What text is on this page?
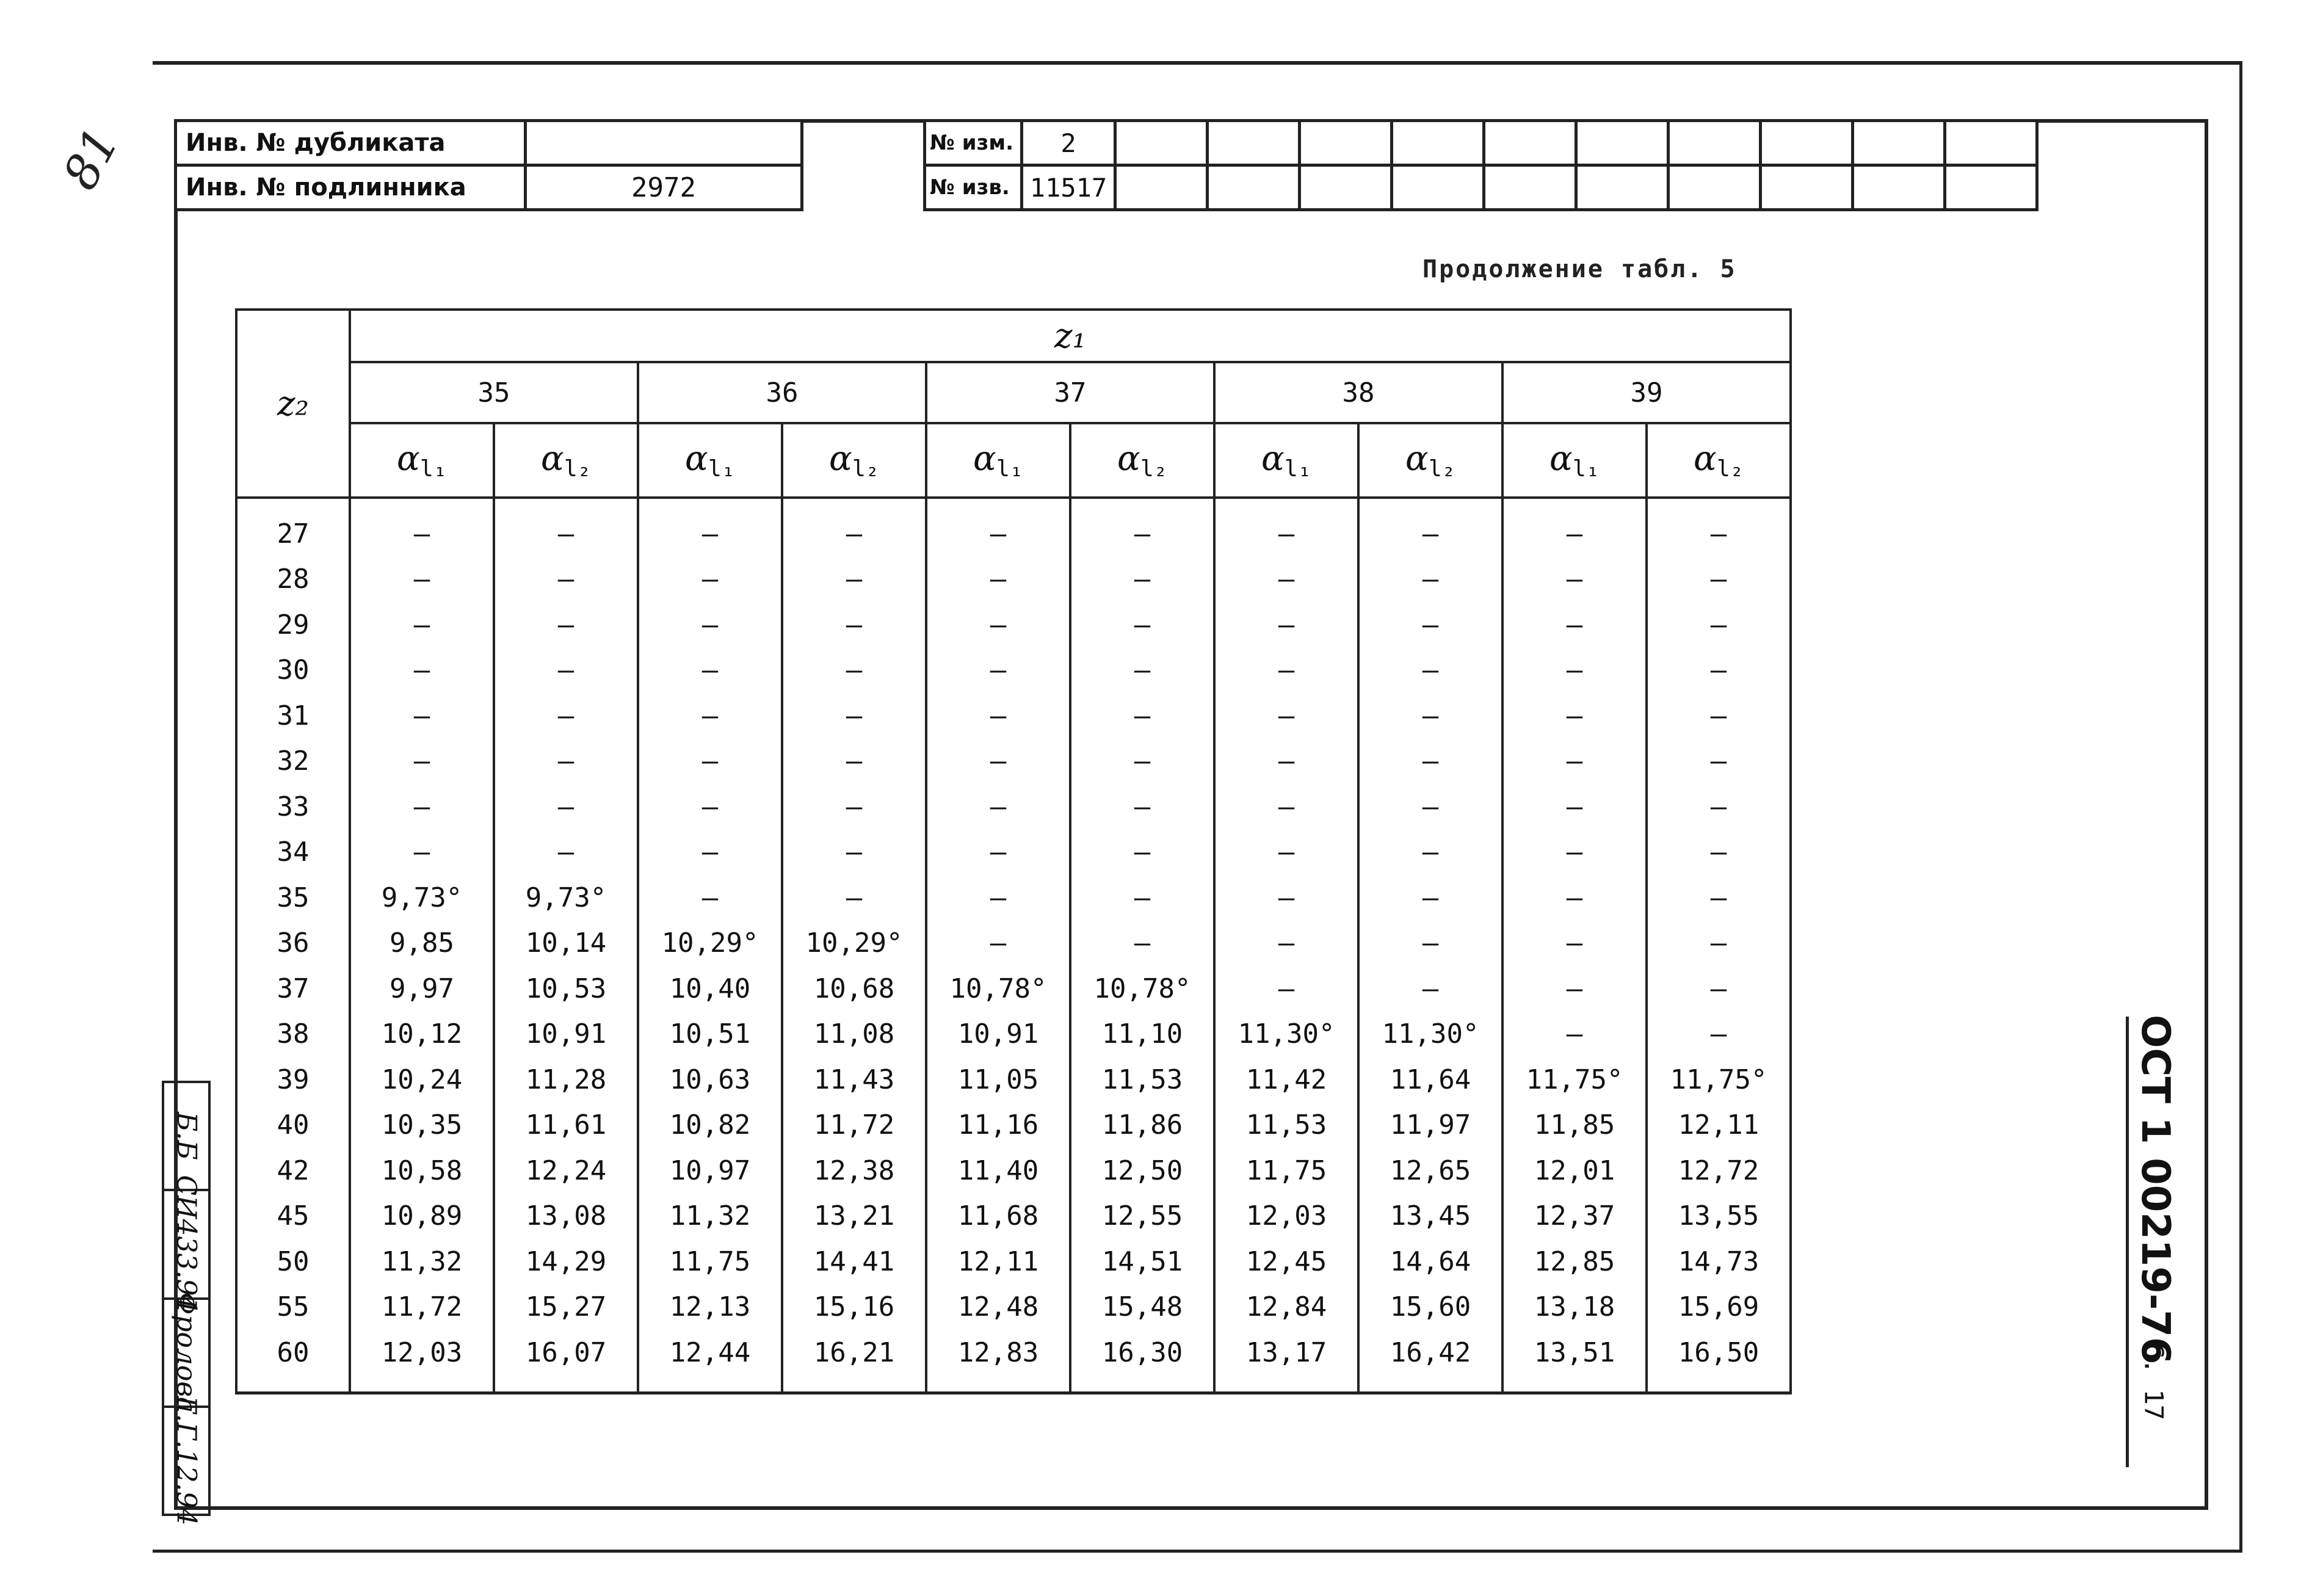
81 Инв. № дубликата	
Инв. № подлинника	2972
№ изм.	2										
№ изв.	11517										
Продолжение табл. 5
z₂	z₁									
	35		36		37		38		39	
	$\alpha_{l_1}$	$\alpha_{l_2}$	$\alpha_{l_1}$	$\alpha_{l_2}$	$\alpha_{l_1}$	$\alpha_{l_2}$	$\alpha_{l_1}$	$\alpha_{l_2}$	$\alpha_{l_1}$	$\alpha_{l_2}$
27	–	–	–	–	–	–	–	–	–	–
28	–	–	–	–	–	–	–	–	–	–
29	–	–	–	–	–	–	–	–	–	–
30	–	–	–	–	–	–	–	–	–	–
31	–	–	–	–	–	–	–	–	–	–
32	–	–	–	–	–	–	–	–	–	–
33	–	–	–	–	–	–	–	–	–	–
34	–	–	–	–	–	–	–	–	–	–
35	9,73°	9,73°	–	–	–	–	–	–	–	–
36	9,85	10,14	10,29°	10,29°	–	–	–	–	–	–
37	9,97	10,53	10,40	10,68	10,78°	10,78°	–	–	–	–
38	10,12	10,91	10,51	11,08	10,91	11,10	11,30°	11,30°	–	–
39	10,24	11,28	10,63	11,43	11,05	11,53	11,42	11,64	11,75°	11,75°
40	10,35	11,61	10,82	11,72	11,16	11,86	11,53	11,97	11,85	12,11
42	10,58	12,24	10,97	12,38	11,40	12,50	11,75	12,65	12,01	12,72
45	10,89	13,08	11,32	13,21	11,68	12,55	12,03	13,45	12,37	13,55
50	11,32	14,29	11,75	14,41	12,11	14,51	12,45	14,64	12,85	14,73
55	11,72	15,27	12,13	15,16	12,48	15,48	12,84	15,60	13,18	15,69
60	12,03	16,07	12,44	16,21	12,83	16,30	13,17	16,42	13,51	16,50
Б.Б
СИ433.94
Фролова
Г.Г.12.94
ОСТ 1 00219-76
С. 17
